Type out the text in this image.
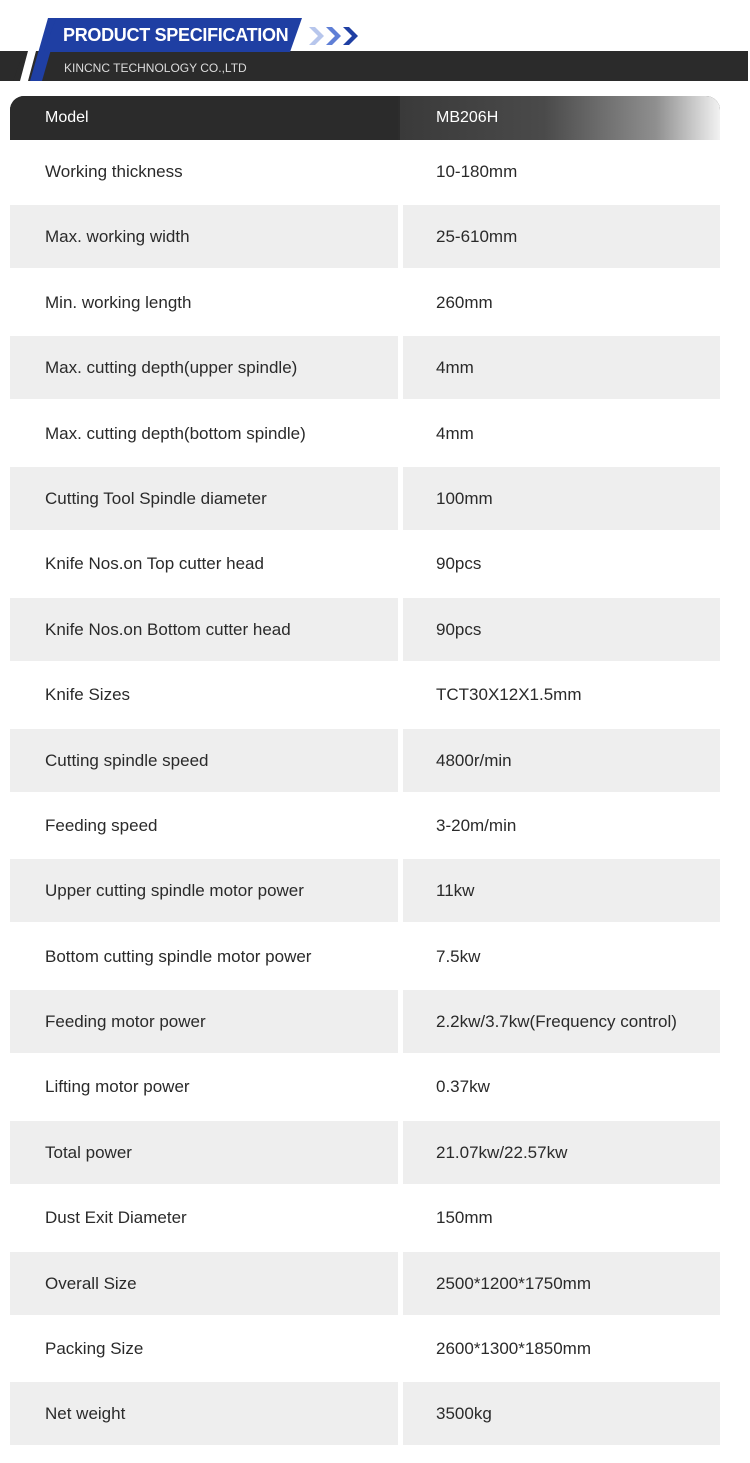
PRODUCT SPECIFICATION
KINCNC TECHNOLOGY CO.,LTD
Model	MB206H
Working thickness	10-180mm
Max. working width	25-610mm
Min. working length	260mm
Max. cutting depth(upper spindle)	4mm
Max. cutting depth(bottom spindle)	4mm
Cutting Tool Spindle diameter	100mm
Knife Nos.on Top cutter head	90pcs
Knife Nos.on Bottom cutter head	90pcs
Knife Sizes	TCT30X12X1.5mm
Cutting spindle speed	4800r/min
Feeding speed	3-20m/min
Upper cutting spindle motor power	11kw
Bottom cutting spindle motor power	7.5kw
Feeding motor power	2.2kw/3.7kw(Frequency control)
Lifting motor power	0.37kw
Total power	21.07kw/22.57kw
Dust Exit Diameter	150mm
Overall Size	2500*1200*1750mm
Packing Size	2600*1300*1850mm
Net weight	3500kg
